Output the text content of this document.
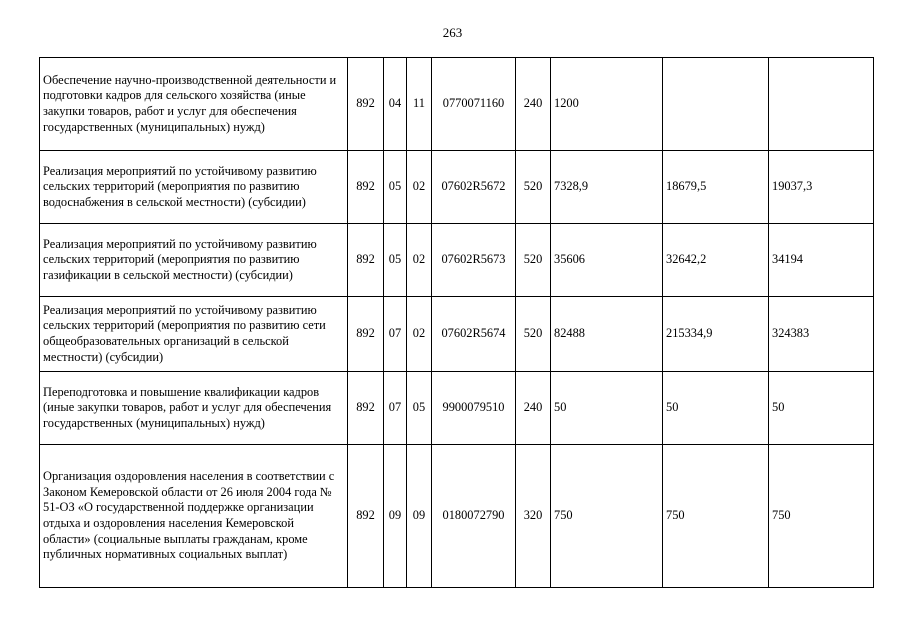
263
Обеспечение научно-производственной деятельности и подготовки кадров для сельского хозяйства (иные закупки товаров, работ и услуг для обеспечения государственных (муниципальных) нужд)	892	04	11	0770071160	240	1200		
Реализация мероприятий по устойчивому развитию сельских территорий (мероприятия по развитию водоснабжения в сельской местности) (субсидии)	892	05	02	07602R5672	520	7328,9	18679,5	19037,3
Реализация мероприятий по устойчивому развитию сельских территорий (мероприятия по развитию газификации в сельской местности) (субсидии)	892	05	02	07602R5673	520	35606	32642,2	34194
Реализация мероприятий по устойчивому развитию сельских территорий (мероприятия по развитию сети общеобразовательных организаций в сельской местности) (субсидии)	892	07	02	07602R5674	520	82488	215334,9	324383
Переподготовка и повышение квалификации кадров (иные закупки товаров, работ и услуг для обеспечения государственных (муниципальных) нужд)	892	07	05	9900079510	240	50	50	50
Организация оздоровления населения в соответствии с Законом Кемеровской области от 26 июля 2004 года № 51-ОЗ «О государственной поддержке организации отдыха и оздоровления населения Кемеровской области» (социальные выплаты гражданам, кроме публичных нормативных социальных выплат)	892	09	09	0180072790	320	750	750	750
